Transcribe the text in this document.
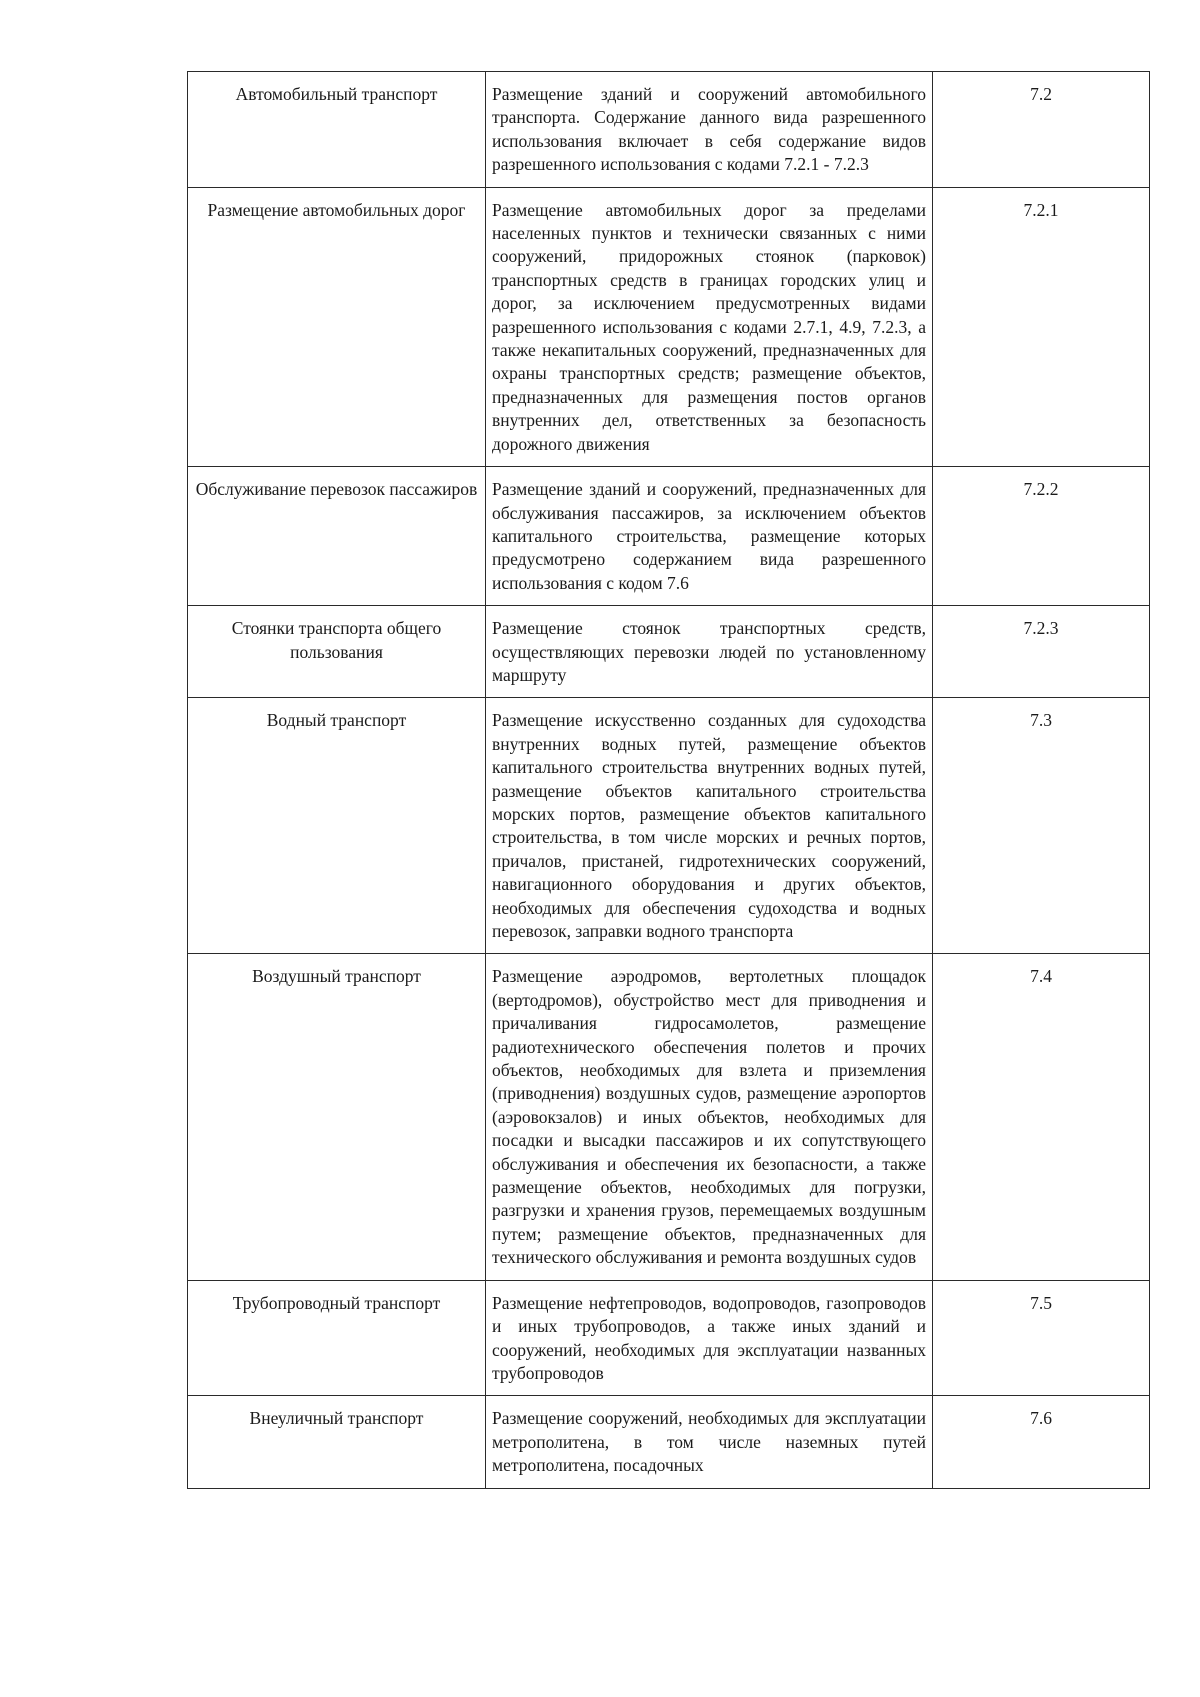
Автомобильный транспорт	Размещение зданий и сооружений автомобильного транспорта. Содержание данного вида разрешенного использования включает в себя содержание видов разрешенного использования с кодами 7.2.1 - 7.2.3	7.2
Размещение автомобильных дорог	Размещение автомобильных дорог за пределами населенных пунктов и технически связанных с ними сооружений, придорожных стоянок (парковок) транспортных средств в границах городских улиц и дорог, за исключением предусмотренных видами разрешенного использования с кодами 2.7.1, 4.9, 7.2.3, а также некапитальных сооружений, предназначенных для охраны транспортных средств; размещение объектов, предназначенных для размещения постов органов внутренних дел, ответственных за безопасность дорожного движения	7.2.1
Обслуживание перевозок пассажиров	Размещение зданий и сооружений, предназначенных для обслуживания пассажиров, за исключением объектов капитального строительства, размещение которых предусмотрено содержанием вида разрешенного использования с кодом 7.6	7.2.2
Стоянки транспорта общего пользования	Размещение стоянок транспортных средств, осуществляющих перевозки людей по установленному маршруту	7.2.3
Водный транспорт	Размещение искусственно созданных для судоходства внутренних водных путей, размещение объектов капитального строительства внутренних водных путей, размещение объектов капитального строительства морских портов, размещение объектов капитального строительства, в том числе морских и речных портов, причалов, пристаней, гидротехнических сооружений, навигационного оборудования и других объектов, необходимых для обеспечения судоходства и водных перевозок, заправки водного транспорта	7.3
Воздушный транспорт	Размещение аэродромов, вертолетных площадок (вертодромов), обустройство мест для приводнения и причаливания гидросамолетов, размещение радиотехнического обеспечения полетов и прочих объектов, необходимых для взлета и приземления (приводнения) воздушных судов, размещение аэропортов (аэровокзалов) и иных объектов, необходимых для посадки и высадки пассажиров и их сопутствующего обслуживания и обеспечения их безопасности, а также размещение объектов, необходимых для погрузки, разгрузки и хранения грузов, перемещаемых воздушным путем; размещение объектов, предназначенных для технического обслуживания и ремонта воздушных судов	7.4
Трубопроводный транспорт	Размещение нефтепроводов, водопроводов, газопроводов и иных трубопроводов, а также иных зданий и сооружений, необходимых для эксплуатации названных трубопроводов	7.5
Внеуличный транспорт	Размещение сооружений, необходимых для эксплуатации метрополитена, в том числе наземных путей метрополитена, посадочных	7.6
